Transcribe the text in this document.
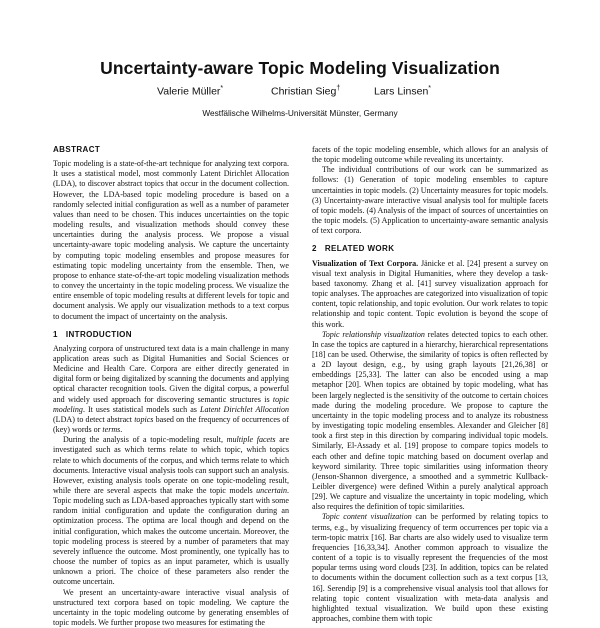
Uncertainty-aware Topic Modeling Visualization
Valerie Müller*	Christian Sieg†	Lars Linsen*
Westfälische Wilhelms-Universität Münster, Germany
ABSTRACT

Topic modeling is a state-of-the-art technique for analyzing text corpora. It uses a statistical model, most commonly Latent Dirichlet Allocation (LDA), to discover abstract topics that occur in the document collection. However, the LDA-based topic modeling procedure is based on a randomly selected initial configuration as well as a number of parameter values than need to be chosen. This induces uncertainties on the topic modeling results, and visualization methods should convey these uncertainties during the analysis process. We propose a visual uncertainty-aware topic modeling analysis. We capture the uncertainty by computing topic modeling ensembles and propose measures for estimating topic modeling uncertainty from the ensemble. Then, we propose to enhance state-of-the-art topic modeling visualization methods to convey the uncertainty in the topic modeling process. We visualize the entire ensemble of topic modeling results at different levels for topic and document analysis. We apply our visualization methods to a text corpus to document the impact of uncertainty on the analysis.

1 INTRODUCTION

Analyzing corpora of unstructured text data is a main challenge in many application areas such as Digital Humanities and Social Sciences or Medicine and Health Care. Corpora are either directly generated in digital form or being digitalized by scanning the documents and applying optical character recognition tools. Given the digital corpus, a powerful and widely used approach for discovering semantic structures is topic modeling. It uses statistical models such as Latent Dirichlet Allocation (LDA) to detect abstract topics based on the frequency of occurrences of (key) words or terms.

During the analysis of a topic-modeling result, multiple facets are investigated such as which terms relate to which topic, which topics relate to which documents of the corpus, and which terms relate to which documents. Interactive visual analysis tools can support such an analysis. However, existing analysis tools operate on one topic-modeling result, while there are several aspects that make the topic models uncertain. Topic modeling such as LDA-based approaches typically start with some random initial configuration and update the configuration during an optimization process. The optima are local though and depend on the initial configuration, which makes the outcome uncertain. Moreover, the topic modeling process is steered by a number of parameters that may severely influence the outcome. Most prominently, one typically has to choose the number of topics as an input parameter, which is usually unknown a priori. The choice of these parameters also render the outcome uncertain.

We present an uncertainty-aware interactive visual analysis of unstructured text corpora based on topic modeling. We capture the uncertainty in the topic modeling outcome by generating ensembles of topic models. We further propose two measures for estimating the

facets of the topic modeling ensemble, which allows for an analysis of the topic modeling outcome while revealing its uncertainty.

The individual contributions of our work can be summarized as follows: (1) Generation of topic modeling ensembles to capture uncertainties in topic models. (2) Uncertainty measures for topic models. (3) Uncertainty-aware interactive visual analysis tool for multiple facets of topic models. (4) Analysis of the impact of sources of uncertainties on the topic models. (5) Application to uncertainty-aware semantic analysis of text corpora.

2 RELATED WORK

Visualization of Text Corpora. Jänicke et al. [24] present a survey on visual text analysis in Digital Humanities, where they develop a task-based taxonomy. Zhang et al. [41] survey visualization approach for topic analyses. The approaches are categorized into visualization of topic content, topic relationship, and topic evolution. Our work relates to topic relationship and topic content. Topic evolution is beyond the scope of this work.

Topic relationship visualization relates detected topics to each other. In case the topics are captured in a hierarchy, hierarchical representations [18] can be used. Otherwise, the similarity of topics is often reflected by a 2D layout design, e.g., by using graph layouts [21,26,38] or embeddings [25,33]. The latter can also be encoded using a map metaphor [20]. When topics are obtained by topic modeling, what has been largely neglected is the sensitivity of the outcome to certain choices made during the modeling procedure. We propose to capture the uncertainty in the topic modeling process and to analyze its robustness by investigating topic modeling ensembles. Alexander and Gleicher [8] took a first step in this direction by comparing individual topic models. Similarly, El-Assady et al. [19] propose to compare topics models to each other and define topic matching based on document overlap and keyword similarity. Three topic similarities using information theory (Jenson-Shannon divergence, a smoothed and a symmetric Kullback-Leibler divergence) were defined Within a purely analytical approach [29]. We capture and visualize the uncertainty in topic modeling, which also requires the definition of topic similarities.

Topic content visualization can be performed by relating topics to terms, e.g., by visualizing frequency of term occurrences per topic via a term-topic matrix [16]. Bar charts are also widely used to visualize term frequencies [16,33,34]. Another common approach to visualize the content of a topic is to visually represent the frequencies of the most popular terms using word clouds [23]. In addition, topics can be related to documents within the document collection such as a text corpus [13, 16]. Serendip [9] is a comprehensive visual analysis tool that allows for relating topic content visualization with meta-data analysis and highlighted textual visualization. We build upon these existing approaches, combine them with topic
